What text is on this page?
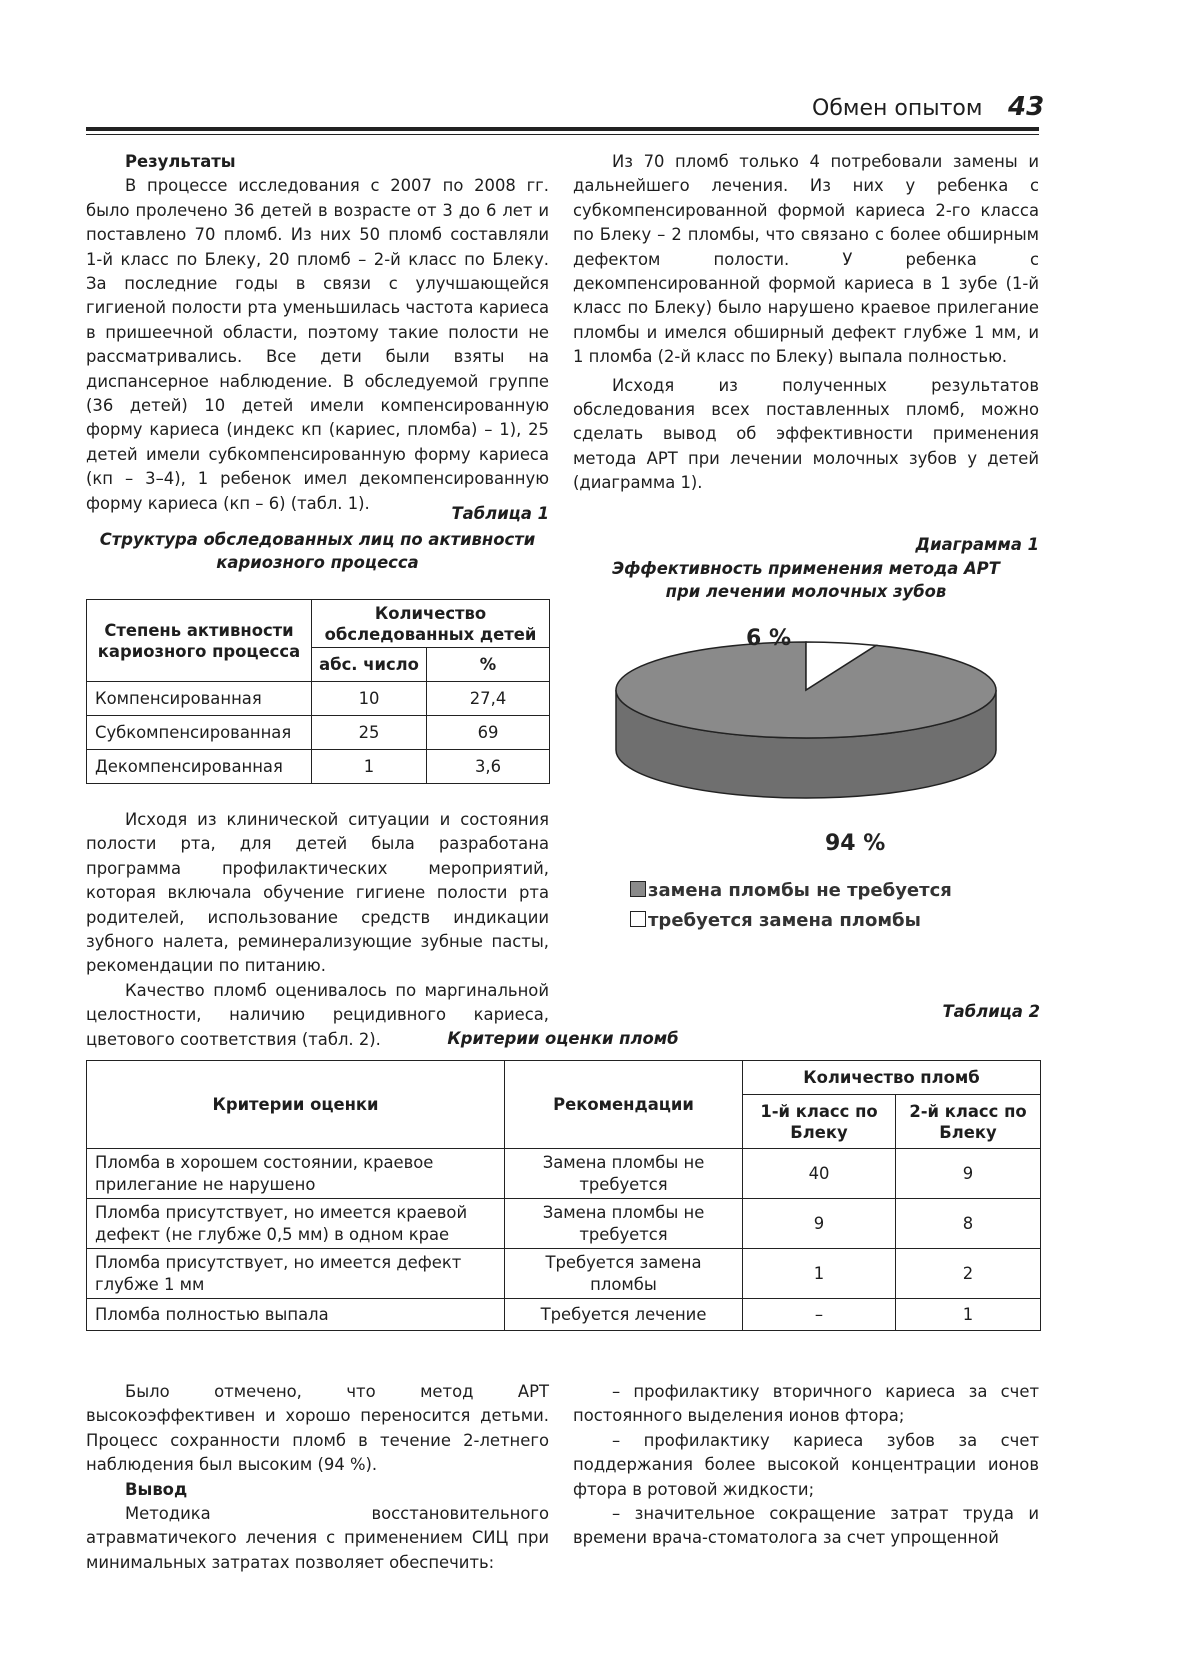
Обмен опытом 43

Результаты

В процессе исследования с 2007 по 2008 гг. было пролечено 36 детей в возрасте от 3 до 6 лет и поставлено 70 пломб. Из них 50 пломб составляли 1-й класс по Блеку, 20 пломб – 2-й класс по Блеку. За последние годы в связи с улучшающейся гигиеной полости рта уменьшилась частота кариеса в пришеечной области, поэтому такие полости не рассматривались. Все дети были взяты на диспансерное наблюдение. В обследуемой группе (36 детей) 10 детей имели компенсированную форму кариеса (индекс кп (кариес, пломба) – 1), 25 детей имели субкомпенсированную форму кариеса (кп – 3–4), 1 ребенок имел декомпенсированную форму кариеса (кп – 6) (табл. 1).

Из 70 пломб только 4 потребовали замены и дальнейшего лечения. Из них у ребенка с субкомпенсированной формой кариеса 2-го класса по Блеку – 2 пломбы, что связано с более обширным дефектом полости. У ребенка с декомпенсированной формой кариеса в 1 зубе (1-й класс по Блеку) было нарушено краевое прилегание пломбы и имелся обширный дефект глубже 1 мм, и 1 пломба (2-й класс по Блеку) выпала полностью.

Исходя из полученных результатов обследования всех поставленных пломб, можно сделать вывод об эффективности применения метода АРТ при лечении молочных зубов у детей (диаграмма 1).

Таблица 1
Структура обследованных лиц по активности кариозного процесса
Степень активности кариозного процесса	Количество обследованных детей	
	абс. число	%
Компенсированная	10	27,4
Субкомпенсированная	25	69
Декомпенсированная	1	3,6

Исходя из клинической ситуации и состояния полости рта, для детей была разработана программа профилактических мероприятий, которая включала обучение гигиене полости рта родителей, использование средств индикации зубного налета, реминерализующие зубные пасты, рекомендации по питанию.

Качество пломб оценивалось по маргинальной целостности, наличию рецидивного кариеса, цветового соответствия (табл. 2).

Диаграмма 1
Эффективность применения метода АРТ
при лечении молочных зубов
6 %
94 %
замена пломбы не требуется
требуется замена пломбы
Таблица 2
Критерии оценки пломб
Критерии оценки	Рекомендации	Количество пломб	
		1-й класс по Блеку	2-й класс по Блеку
Пломба в хорошем состоянии, краевое прилегание не нарушено	Замена пломбы не требуется	40	9
Пломба присутствует, но имеется краевой дефект (не глубже 0,5 мм) в одном крае	Замена пломбы не требуется	9	8
Пломба присутствует, но имеется дефект глубже 1 мм	Требуется замена пломбы	1	2
Пломба полностью выпала	Требуется лечение	–	1

Было отмечено, что метод АРТ высокоэффективен и хорошо переносится детьми. Процесс сохранности пломб в течение 2-летнего наблюдения был высоким (94 %).

Вывод

Методика восстановительного атравматичекого лечения с применением СИЦ при минимальных затратах позволяет обеспечить:

– профилактику вторичного кариеса за счет постоянного выделения ионов фтора;

– профилактику кариеса зубов за счет поддержания более высокой концентрации ионов фтора в ротовой жидкости;

– значительное сокращение затрат труда и времени врача-стоматолога за счет упрощенной
